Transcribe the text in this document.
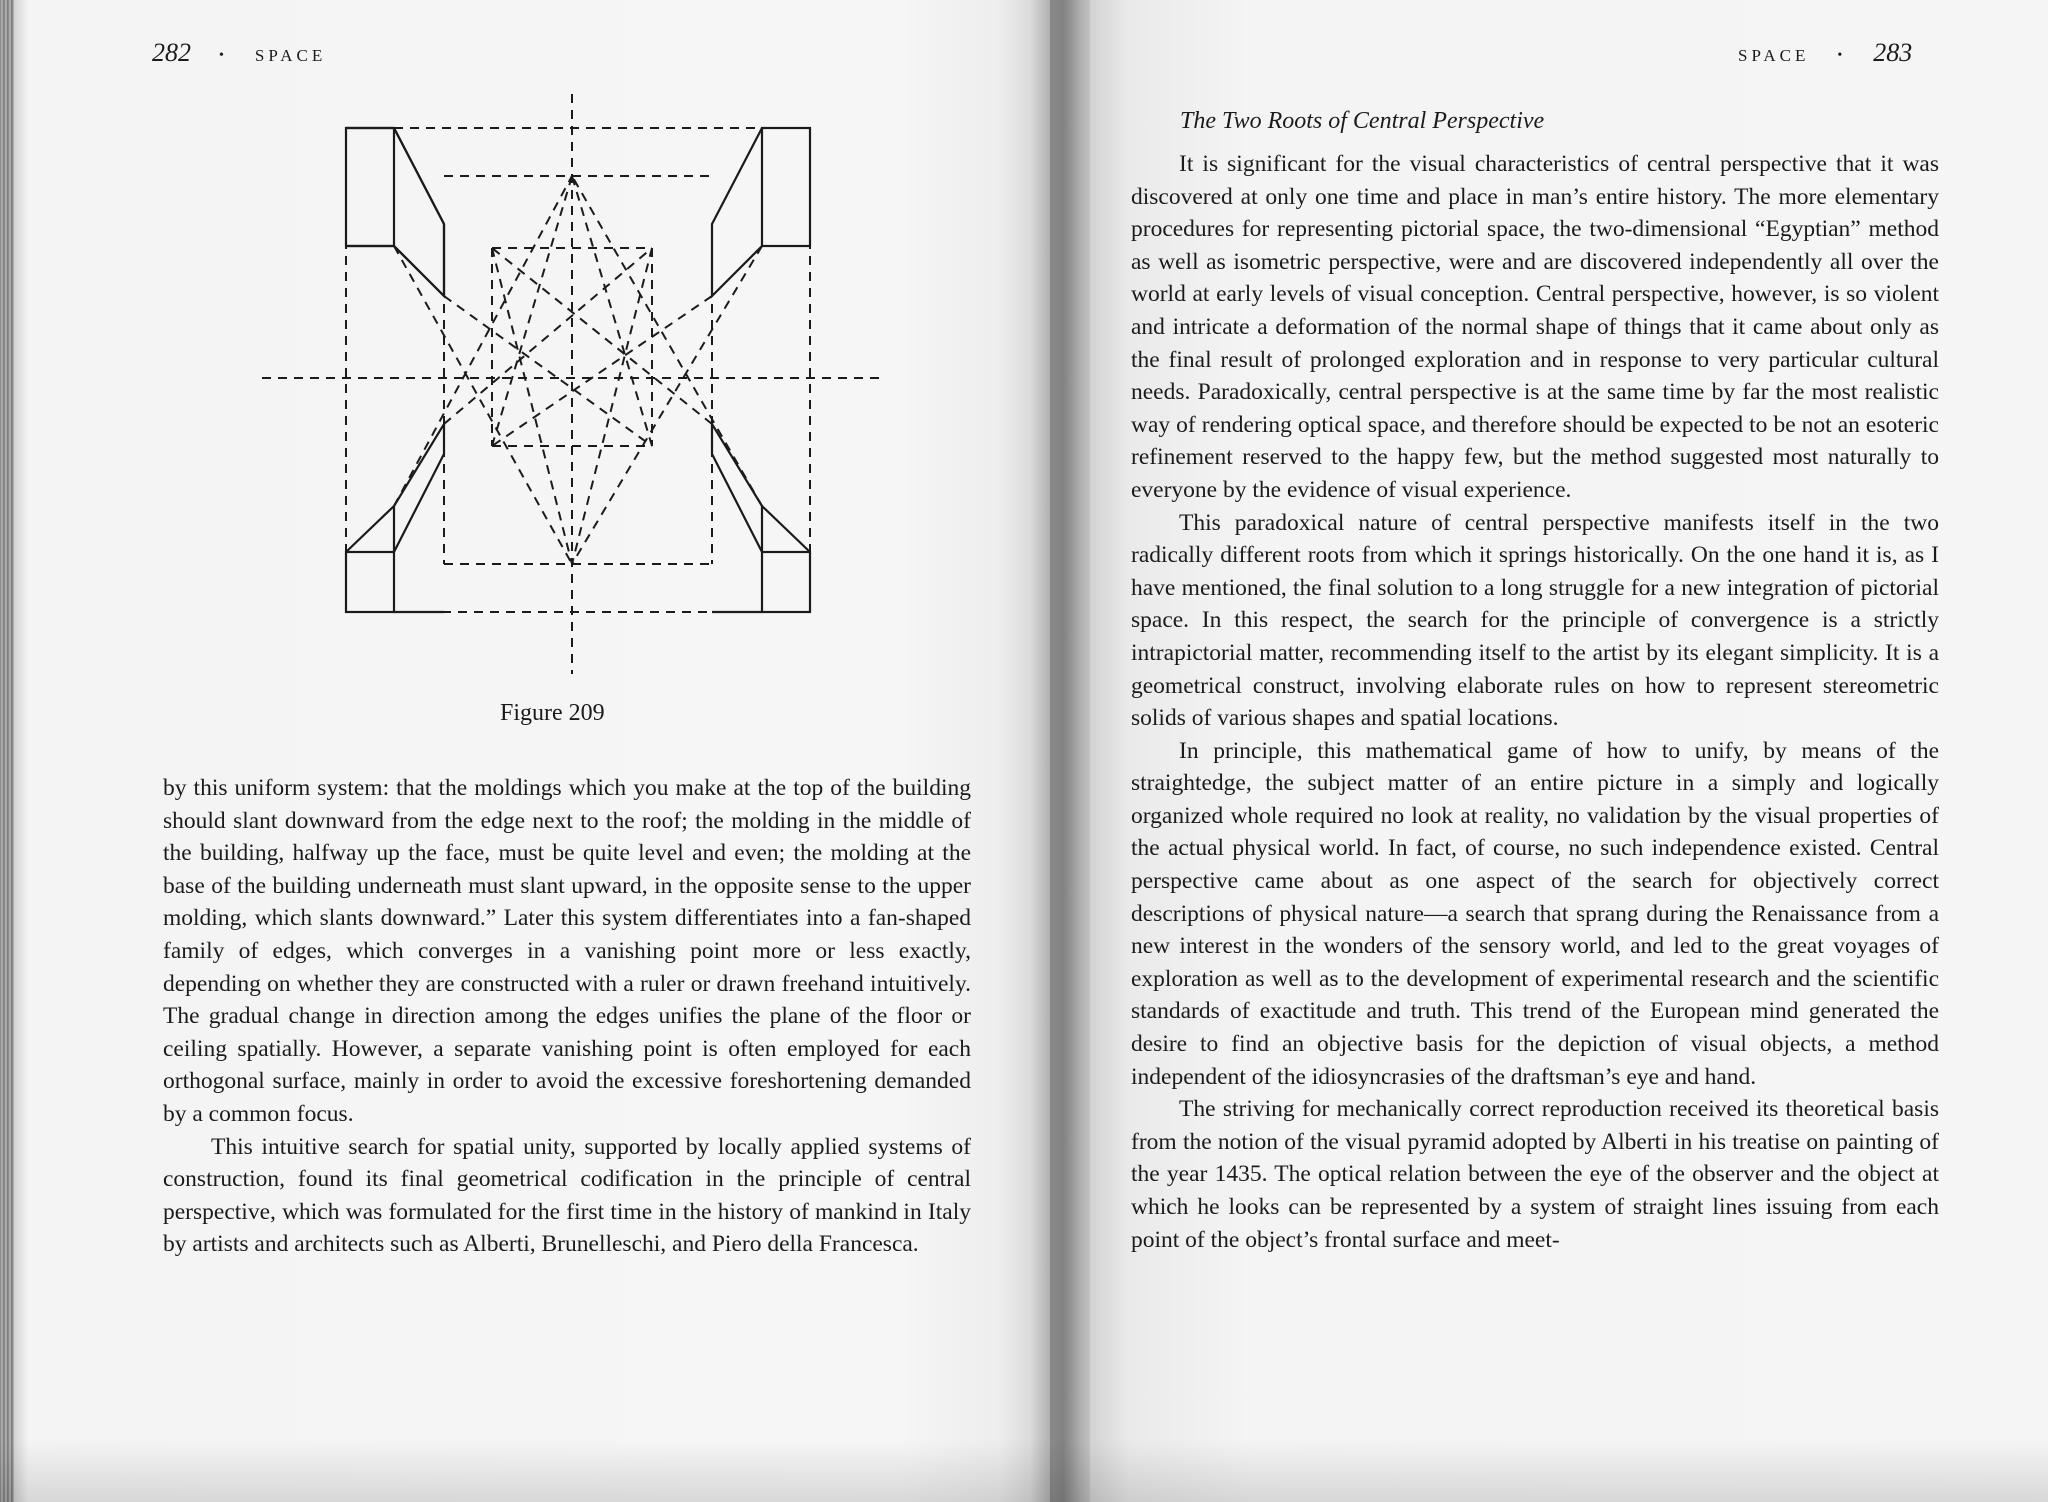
282 • SPACE
Figure 209

by this uniform system: that the moldings which you make at the top of the building should slant downward from the edge next to the roof; the molding in the middle of the building, halfway up the face, must be quite level and even; the molding at the base of the building underneath must slant upward, in the opposite sense to the upper molding, which slants downward.” Later this system differentiates into a fan-shaped family of edges, which converges in a vanishing point more or less exactly, depending on whether they are constructed with a ruler or drawn freehand intuitively. The gradual change in direction among the edges unifies the plane of the floor or ceiling spatially. However, a separate vanishing point is often employed for each orthogonal surface, mainly in order to avoid the excessive foreshortening demanded by a common focus.

This intuitive search for spatial unity, supported by locally applied systems of construction, found its final geometrical codification in the principle of central perspective, which was formulated for the first time in the history of mankind in Italy by artists and architects such as Alberti, Brunelleschi, and Piero della Francesca.

SPACE • 283
The Two Roots of Central Perspective

It is significant for the visual characteristics of central perspective that it was discovered at only one time and place in man’s entire history. The more elementary procedures for representing pictorial space, the two-dimensional “Egyptian” method as well as isometric perspective, were and are discovered independently all over the world at early levels of visual conception. Central perspective, however, is so violent and intricate a deformation of the normal shape of things that it came about only as the final result of prolonged exploration and in response to very particular cultural needs. Paradoxically, central perspective is at the same time by far the most realistic way of rendering optical space, and therefore should be expected to be not an esoteric refinement reserved to the happy few, but the method suggested most naturally to everyone by the evidence of visual experience.

This paradoxical nature of central perspective manifests itself in the two radically different roots from which it springs historically. On the one hand it is, as I have mentioned, the final solution to a long struggle for a new integration of pictorial space. In this respect, the search for the principle of convergence is a strictly intrapictorial matter, recommending itself to the artist by its elegant simplicity. It is a geometrical construct, involving elaborate rules on how to represent stereometric solids of various shapes and spatial locations.

In principle, this mathematical game of how to unify, by means of the straightedge, the subject matter of an entire picture in a simply and logically organized whole required no look at reality, no validation by the visual properties of the actual physical world. In fact, of course, no such independence existed. Central perspective came about as one aspect of the search for objectively correct descriptions of physical nature—a search that sprang during the Renaissance from a new interest in the wonders of the sensory world, and led to the great voyages of exploration as well as to the development of experimental research and the scientific standards of exactitude and truth. This trend of the European mind generated the desire to find an objective basis for the depiction of visual objects, a method independent of the idiosyncrasies of the draftsman’s eye and hand.

The striving for mechanically correct reproduction received its theoretical basis from the notion of the visual pyramid adopted by Alberti in his treatise on painting of the year 1435. The optical relation between the eye of the observer and the object at which he looks can be represented by a system of straight lines issuing from each point of the object’s frontal surface and meet-
